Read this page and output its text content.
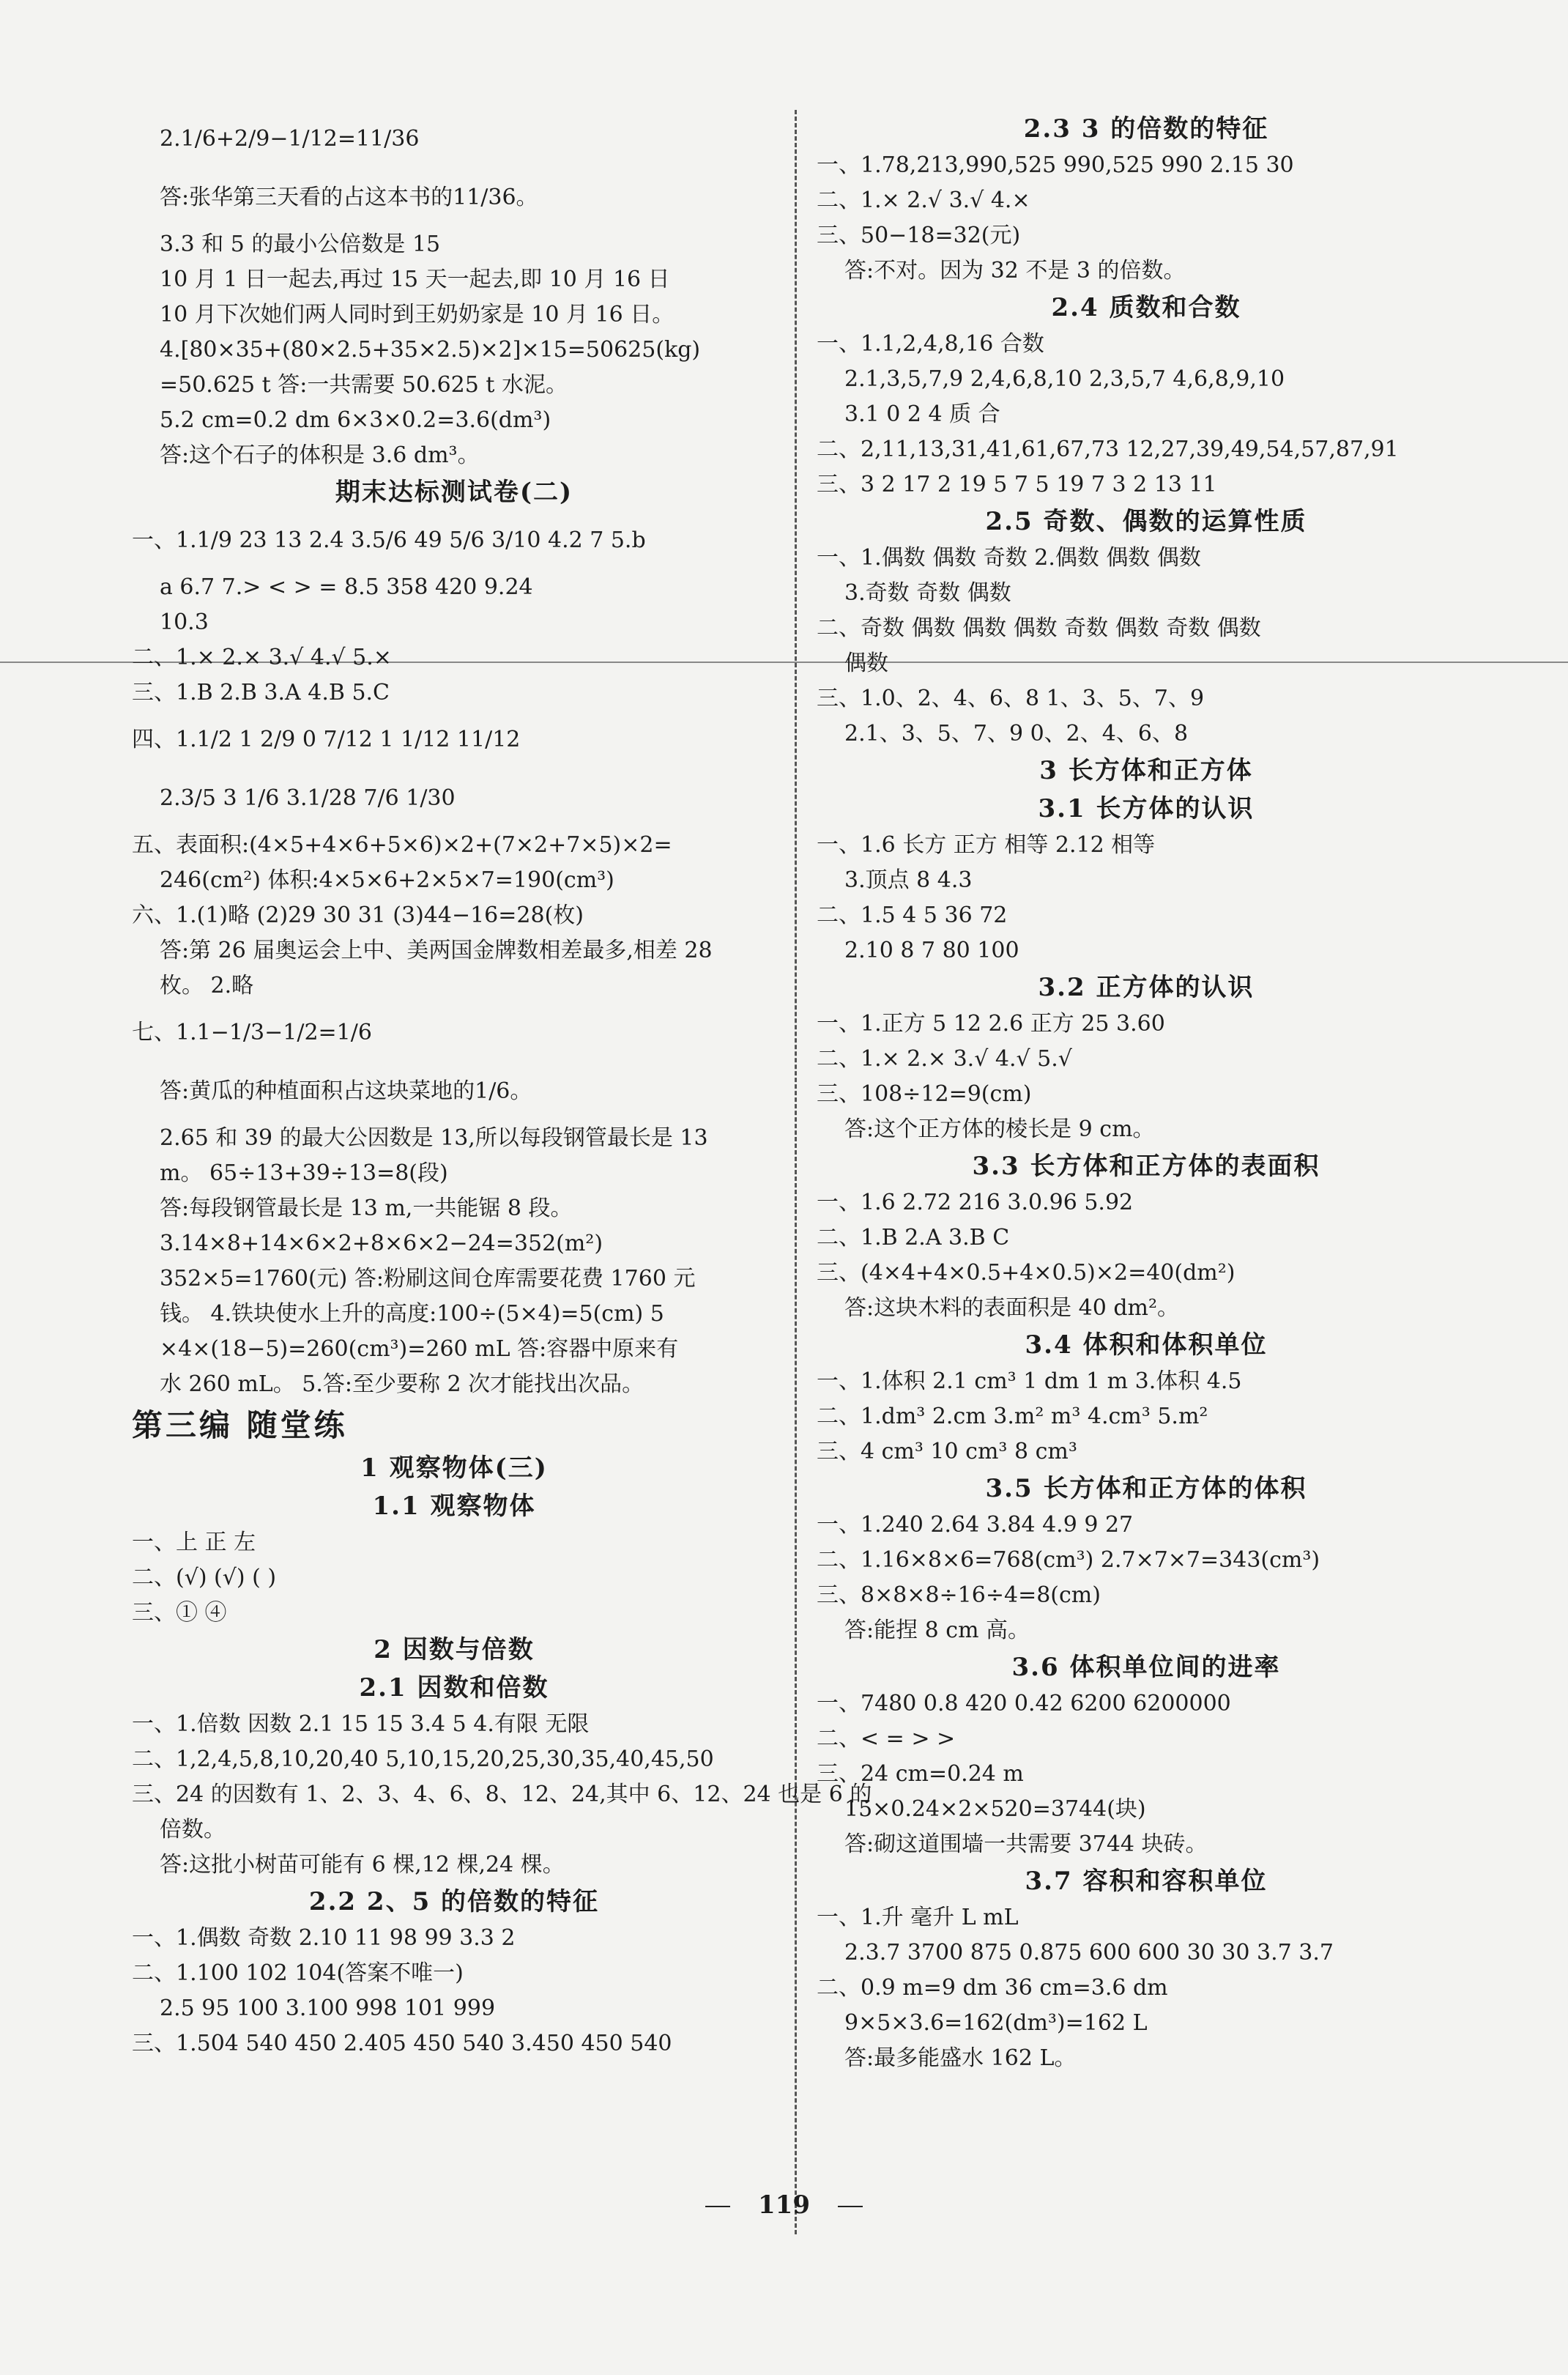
2.1/6+2/9−1/12=11/36
答:张华第三天看的占这本书的11/36。
3.3 和 5 的最小公倍数是 15
10 月 1 日一起去,再过 15 天一起去,即 10 月 16 日
10 月下次她们两人同时到王奶奶家是 10 月 16 日。
4.[80×35+(80×2.5+35×2.5)×2]×15=50625(kg)
=50.625 t 答:一共需要 50.625 t 水泥。
5.2 cm=0.2 dm 6×3×0.2=3.6(dm³)
答:这个石子的体积是 3.6 dm³。
期末达标测试卷(二)
一、1.1/9 23 13 2.4 3.5/6 49 5/6 3/10 4.2 7 5.b
a 6.7 7.> < > = 8.5 358 420 9.24
10.3
二、1.× 2.× 3.√ 4.√ 5.×
三、1.B 2.B 3.A 4.B 5.C
四、1.1/2 1 2/9 0 7/12 1 1/12 11/12
2.3/5 3 1/6 3.1/28 7/6 1/30
五、表面积:(4×5+4×6+5×6)×2+(7×2+7×5)×2=
246(cm²) 体积:4×5×6+2×5×7=190(cm³)
六、1.(1)略 (2)29 30 31 (3)44−16=28(枚)
答:第 26 届奥运会上中、美两国金牌数相差最多,相差 28
枚。 2.略
七、1.1−1/3−1/2=1/6
答:黄瓜的种植面积占这块菜地的1/6。
2.65 和 39 的最大公因数是 13,所以每段钢管最长是 13
m。 65÷13+39÷13=8(段)
答:每段钢管最长是 13 m,一共能锯 8 段。
3.14×8+14×6×2+8×6×2−24=352(m²)
352×5=1760(元) 答:粉刷这间仓库需要花费 1760 元
钱。 4.铁块使水上升的高度:100÷(5×4)=5(cm) 5
×4×(18−5)=260(cm³)=260 mL 答:容器中原来有
水 260 mL。 5.答:至少要称 2 次才能找出次品。
第三编 随堂练
1 观察物体(三)
1.1 观察物体
一、上 正 左
二、(√) (√) ( )
三、① ④
2 因数与倍数
2.1 因数和倍数
一、1.倍数 因数 2.1 15 15 3.4 5 4.有限 无限
二、1,2,4,5,8,10,20,40 5,10,15,20,25,30,35,40,45,50
三、24 的因数有 1、2、3、4、6、8、12、24,其中 6、12、24 也是 6 的
倍数。
答:这批小树苗可能有 6 棵,12 棵,24 棵。
2.2 2、5 的倍数的特征
一、1.偶数 奇数 2.10 11 98 99 3.3 2
二、1.100 102 104(答案不唯一)
2.5 95 100 3.100 998 101 999
三、1.504 540 450 2.405 450 540 3.450 450 540
2.3 3 的倍数的特征
一、1.78,213,990,525 990,525 990 2.15 30
二、1.× 2.√ 3.√ 4.×
三、50−18=32(元)
答:不对。因为 32 不是 3 的倍数。
2.4 质数和合数
一、1.1,2,4,8,16 合数
2.1,3,5,7,9 2,4,6,8,10 2,3,5,7 4,6,8,9,10
3.1 0 2 4 质 合
二、2,11,13,31,41,61,67,73 12,27,39,49,54,57,87,91
三、3 2 17 2 19 5 7 5 19 7 3 2 13 11
2.5 奇数、偶数的运算性质
一、1.偶数 偶数 奇数 2.偶数 偶数 偶数
3.奇数 奇数 偶数
二、奇数 偶数 偶数 偶数 奇数 偶数 奇数 偶数
偶数
三、1.0、2、4、6、8 1、3、5、7、9
2.1、3、5、7、9 0、2、4、6、8
3 长方体和正方体
3.1 长方体的认识
一、1.6 长方 正方 相等 2.12 相等
3.顶点 8 4.3
二、1.5 4 5 36 72
2.10 8 7 80 100
3.2 正方体的认识
一、1.正方 5 12 2.6 正方 25 3.60
二、1.× 2.× 3.√ 4.√ 5.√
三、108÷12=9(cm)
答:这个正方体的棱长是 9 cm。
3.3 长方体和正方体的表面积
一、1.6 2.72 216 3.0.96 5.92
二、1.B 2.A 3.B C
三、(4×4+4×0.5+4×0.5)×2=40(dm²)
答:这块木料的表面积是 40 dm²。
3.4 体积和体积单位
一、1.体积 2.1 cm³ 1 dm 1 m 3.体积 4.5
二、1.dm³ 2.cm 3.m² m³ 4.cm³ 5.m²
三、4 cm³ 10 cm³ 8 cm³
3.5 长方体和正方体的体积
一、1.240 2.64 3.84 4.9 9 27
二、1.16×8×6=768(cm³) 2.7×7×7=343(cm³)
三、8×8×8÷16÷4=8(cm)
答:能捏 8 cm 高。
3.6 体积单位间的进率
一、7480 0.8 420 0.42 6200 6200000
二、< = > >
三、24 cm=0.24 m
15×0.24×2×520=3744(块)
答:砌这道围墙一共需要 3744 块砖。
3.7 容积和容积单位
一、1.升 毫升 L mL
2.3.7 3700 875 0.875 600 600 30 30 3.7 3.7
二、0.9 m=9 dm 36 cm=3.6 dm
9×5×3.6=162(dm³)=162 L
答:最多能盛水 162 L。
119
